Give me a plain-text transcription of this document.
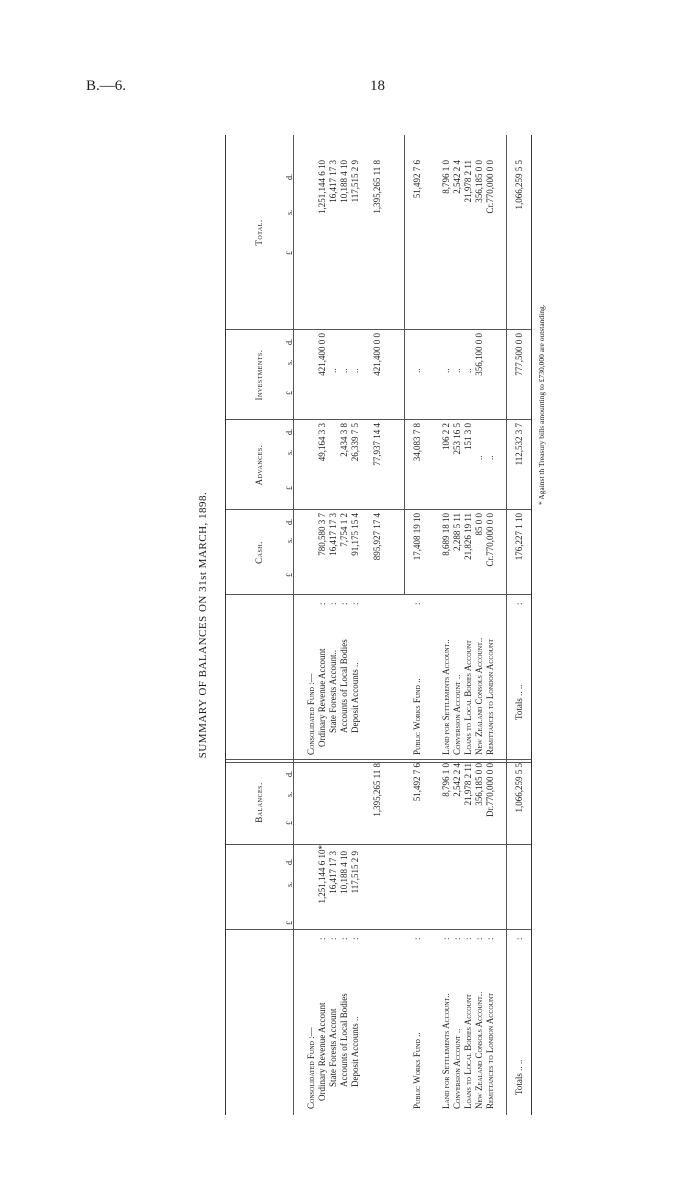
B.—6.	18
SUMMARY OF BALANCES ON 31st MARCH, 1898.
Balances.
Cash.
Advances.
Investments.
Total.
£
s.
d.
£
s.
d.
£
s.
d.
£
s.
d.
£
s.
d.
£
s.
d.
Consolidated Fund :— Ordinary Revenue Account
:
1,251,144 6 10*
State Forests Account
:
16,417 17 3
Accounts of Local Bodies
:
10,188 4 10
Deposit Accounts ..
:
117,515 2 9
1,395,265 11 8
Public Works Fund ..
:
51,492 7 6
Land for Settlements Account..
:
8,796 1 0
Conversion Account ..
:
2,542 2 4
Loans to Local Bodies Account
:
21,978 2 11
New Zealand Consols Account..
:
356,185 0 0
Remittances to London Account
:
Dr.770,000 0 0
Totals .. ..
:
1,066,259 5 5
Consolidated Fund :— Ordinary Revenue Account
:
780,580 3 7
49,164 3 3
421,400 0 0
1,251,144 6 10
State Forests Account..
:
16,417 17 3
..
16,417 17 3
Accounts of Local Bodies
:
7,754 1 2
2,434 3 8
..
10,188 4 10
Deposit Accounts ..
:
91,175 15 4
26,339 7 5
..
117,515 2 9
895,927 17 4
77,937 14 4
421,400 0 0
1,395,265 11 8
Public Works Fund ..
:
17,408 19 10
34,083 7 8
..
51,492 7 6
Land for Settlements Account..
8,689 18 10
106 2 2
..
8,796 1 0
Conversion Account ..
2,288 5 11
253 16 5
..
2,542 2 4
Loans to Local Bodies Account
21,826 19 11
151 3 0
..
21,978 2 11
New Zealand Consols Account..
85 0 0
..
356,100 0 0
356,185 0 0
Remittances to London Account
Cr.770,000 0 0
..
Cr.770,000 0 0
Totals .. ..
:
176,227 1 10
112,532 3 7
777,500 0 0
1,066,259 5 5
* Against th Treasury bills amounting to £730,000 are outstanding.
